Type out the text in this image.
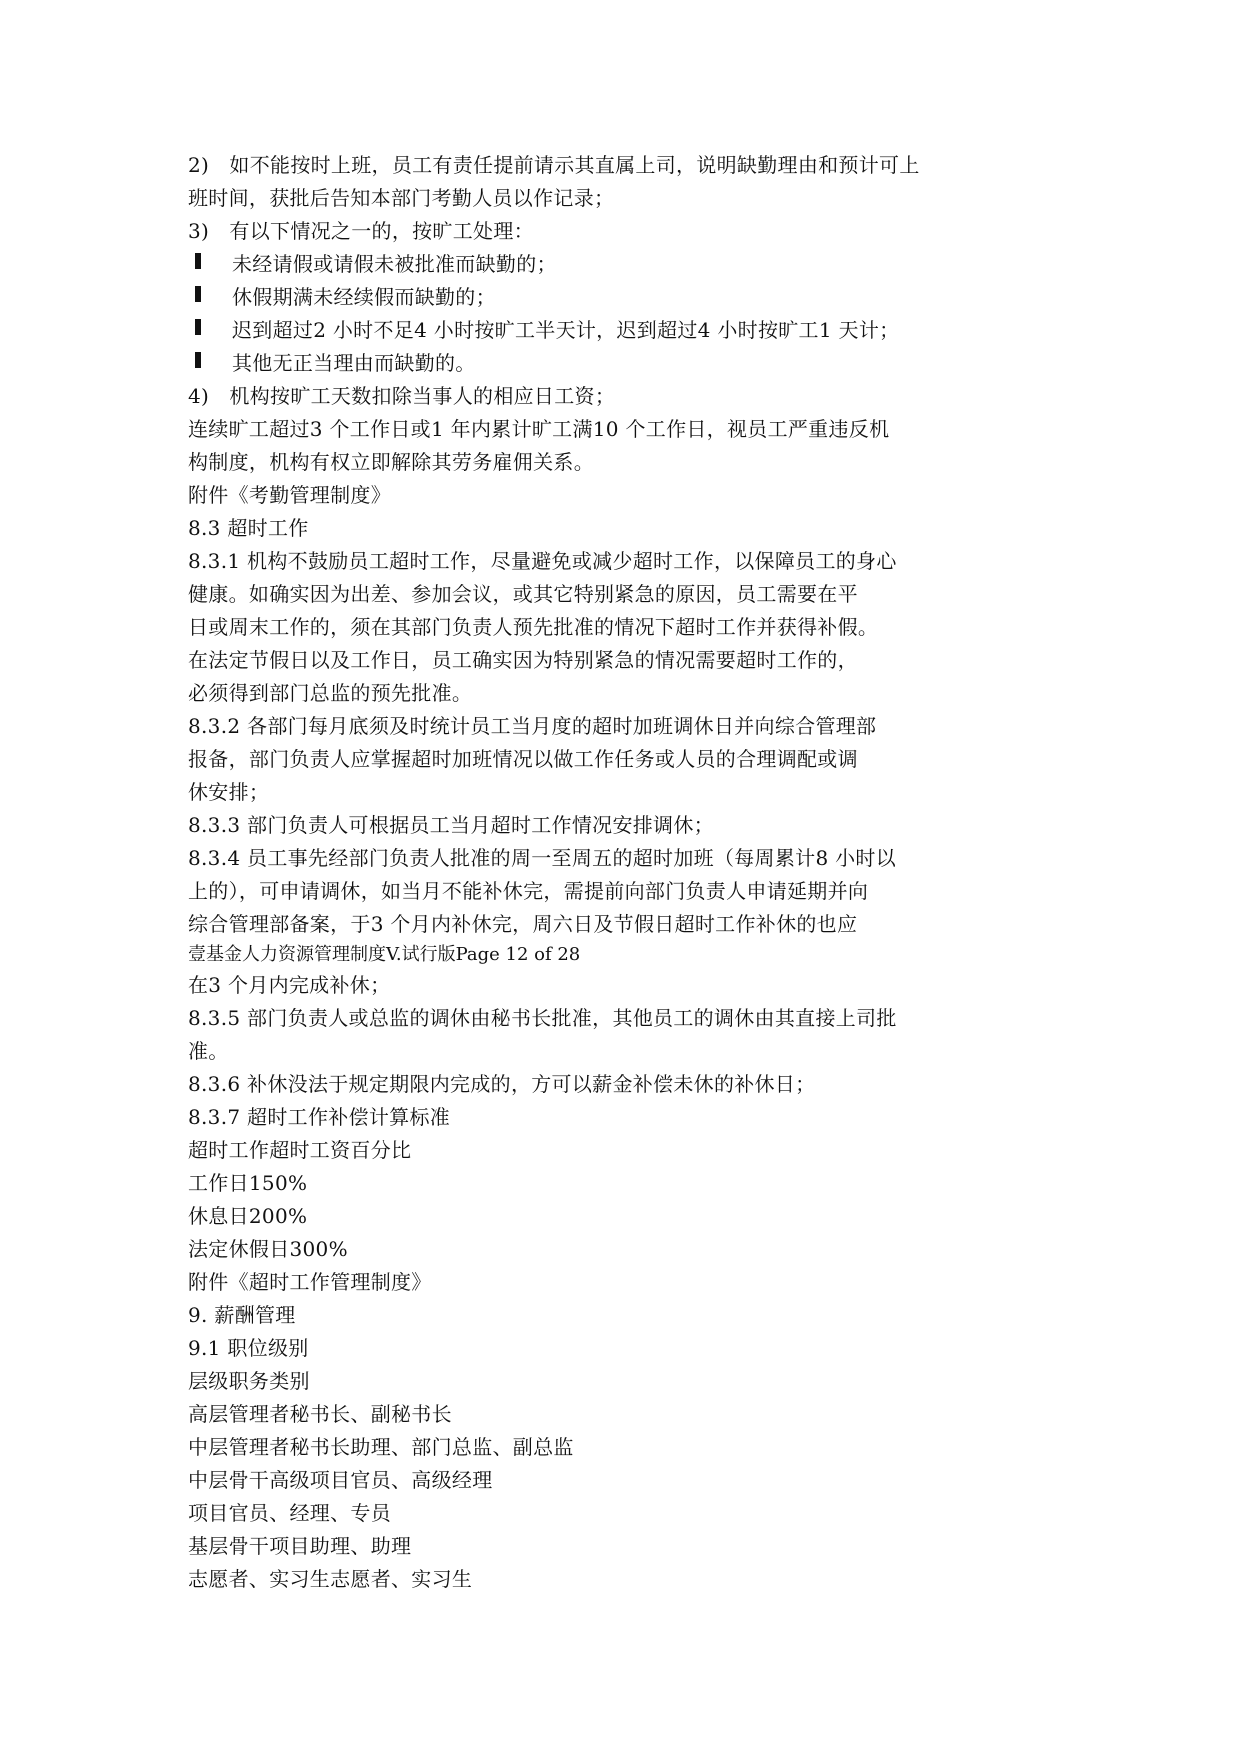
2)　如不能按时上班，员工有责任提前请示其直属上司，说明缺勤理由和预计可上
班时间，获批后告知本部门考勤人员以作记录；
3)　有以下情况之一的，按旷工处理：
未经请假或请假未被批准而缺勤的；
休假期满未经续假而缺勤的；
迟到超过2 小时不足4 小时按旷工半天计，迟到超过4 小时按旷工1 天计；
其他无正当理由而缺勤的。
4)　机构按旷工天数扣除当事人的相应日工资；
连续旷工超过3 个工作日或1 年内累计旷工满10 个工作日，视员工严重违反机
构制度，机构有权立即解除其劳务雇佣关系。
附件《考勤管理制度》
8.3 超时工作
8.3.1 机构不鼓励员工超时工作，尽量避免或减少超时工作，以保障员工的身心
健康。如确实因为出差、参加会议，或其它特别紧急的原因，员工需要在平
日或周末工作的，须在其部门负责人预先批准的情况下超时工作并获得补假。
在法定节假日以及工作日，员工确实因为特别紧急的情况需要超时工作的，
必须得到部门总监的预先批准。
8.3.2 各部门每月底须及时统计员工当月度的超时加班调休日并向综合管理部
报备，部门负责人应掌握超时加班情况以做工作任务或人员的合理调配或调
休安排；
8.3.3 部门负责人可根据员工当月超时工作情况安排调休；
8.3.4 员工事先经部门负责人批准的周一至周五的超时加班（每周累计8 小时以
上的），可申请调休，如当月不能补休完，需提前向部门负责人申请延期并向
综合管理部备案，于3 个月内补休完，周六日及节假日超时工作补休的也应
壹基金人力资源管理制度V.试行版Page 12 of 28
在3 个月内完成补休；
8.3.5 部门负责人或总监的调休由秘书长批准，其他员工的调休由其直接上司批
准。
8.3.6 补休没法于规定期限内完成的，方可以薪金补偿未休的补休日；
8.3.7 超时工作补偿计算标准
超时工作超时工资百分比
工作日150%
休息日200%
法定休假日300%
附件《超时工作管理制度》
9. 薪酬管理
9.1 职位级别
层级职务类别
高层管理者秘书长、副秘书长
中层管理者秘书长助理、部门总监、副总监
中层骨干高级项目官员、高级经理
项目官员、经理、专员
基层骨干项目助理、助理
志愿者、实习生志愿者、实习生
